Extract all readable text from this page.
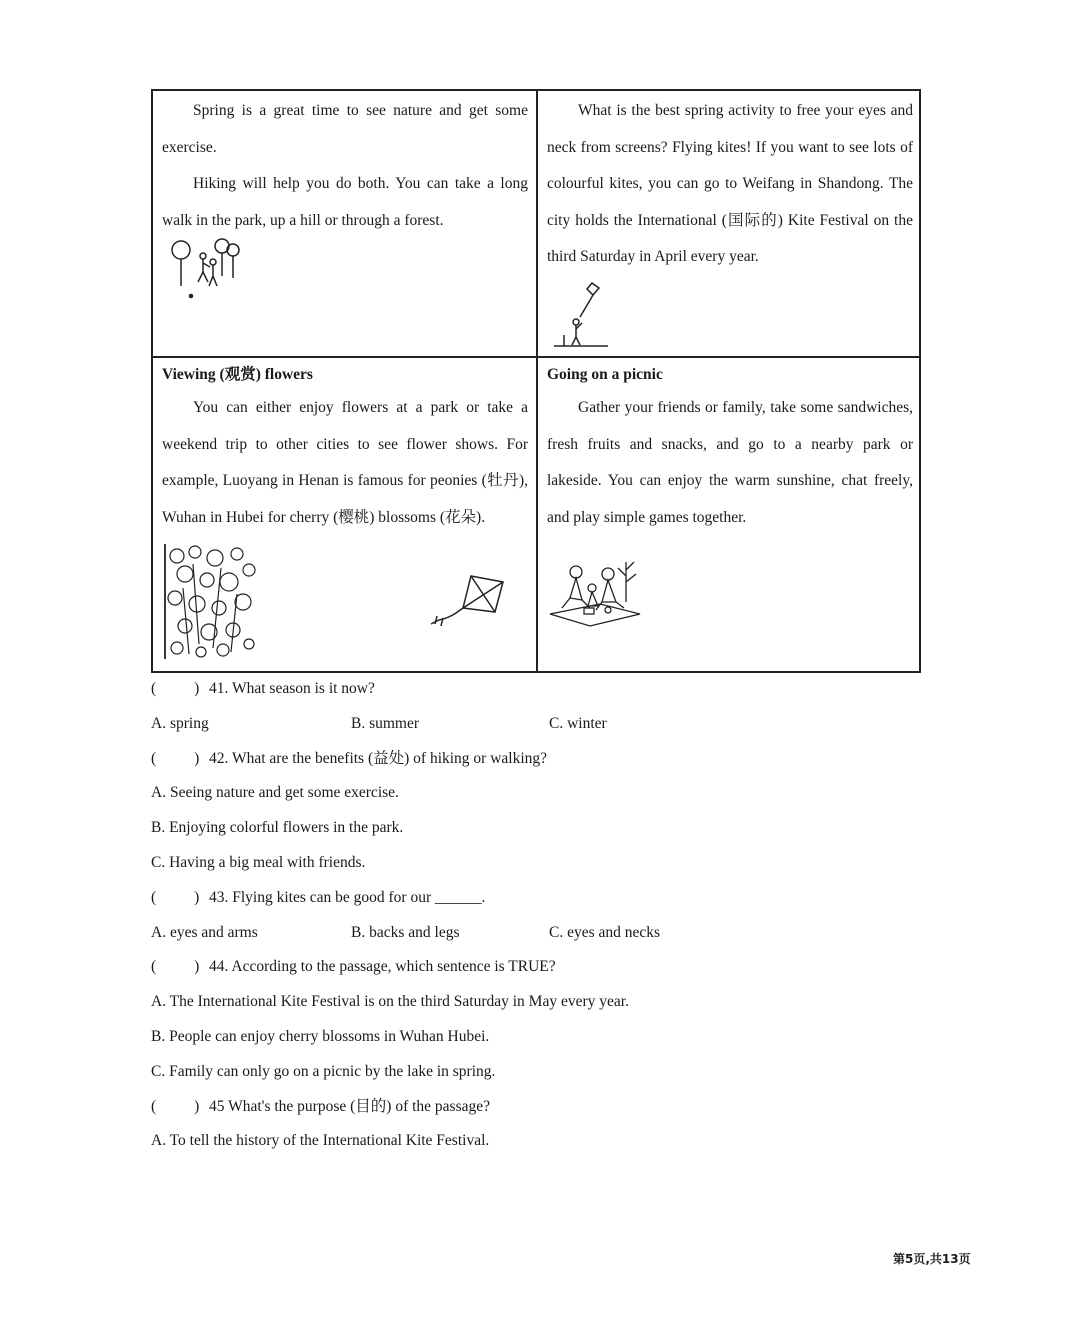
Spring is a great time to see nature and get some exercise.

Hiking will help you do both. You can take a long walk in the park, up a hill or through a forest.

What is the best spring activity to free your eyes and neck from screens? Flying kites! If you want to see lots of colourful kites, you can go to Weifang in Shandong. The city holds the International (国际的) Kite Festival on the third Saturday in April every year.

Viewing (观赏) flowers

You can either enjoy flowers at a park or take a weekend trip to other cities to see flower shows. For example, Luoyang in Henan is famous for peonies (牡丹), Wuhan in Hubei for cherry (樱桃) blossoms (花朵).

Going on a picnic

Gather your friends or family, take some sandwiches, fresh fruits and snacks, and go to a nearby park or lakeside. You can enjoy the warm sunshine, chat freely, and play simple games together.

( ) 41. What season is it now?
A. spring	B. summer	C. winter
( ) 42. What are the benefits (益处) of hiking or walking?
A. Seeing nature and get some exercise.
B. Enjoying colorful flowers in the park.
C. Having a big meal with friends.
( ) 43. Flying kites can be good for our ______.
A. eyes and arms	B. backs and legs	C. eyes and necks
( ) 44. According to the passage, which sentence is TRUE?
A. The International Kite Festival is on the third Saturday in May every year.
B. People can enjoy cherry blossoms in Wuhan Hubei.
C. Family can only go on a picnic by the lake in spring.
( ) 45 What's the purpose (目的) of the passage?
A. To tell the history of the International Kite Festival.
第5页,共13页
